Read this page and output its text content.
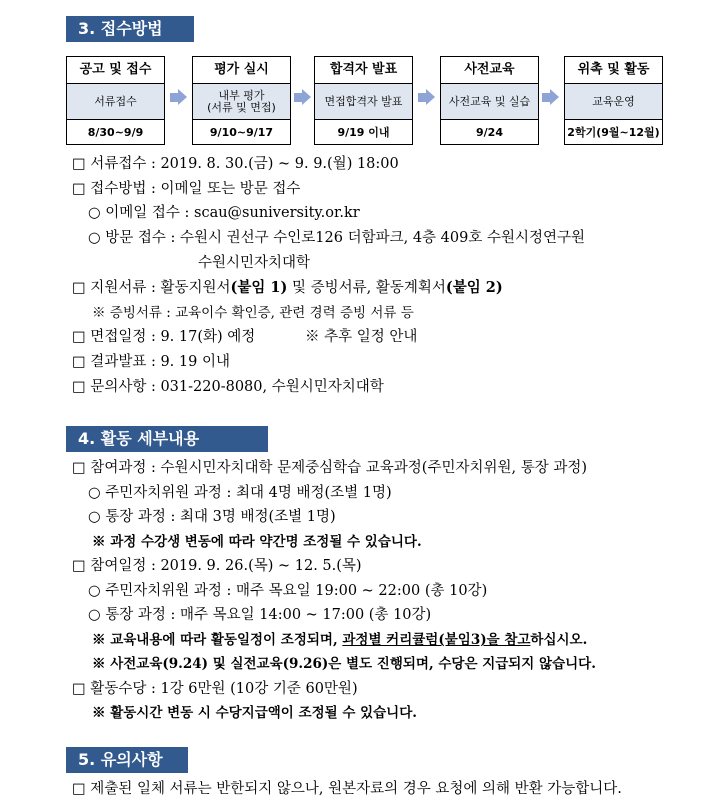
3. 접수방법
공고 및 접수
서류접수
8/30~9/9
평가 실시
내부 평가
(서류 및 면접)
9/10~9/17
합격자 발표
면접합격자 발표
9/19 이내
사전교육
사전교육 및 실습
9/24
위촉 및 활동
교육운영
2학기(9월~12월)
□ 서류접수 : 2019. 8. 30.(금) ~ 9. 9.(월) 18:00
□ 접수방법 : 이메일 또는 방문 접수
○ 이메일 접수 : scau@suniversity.or.kr
○ 방문 접수 : 수원시 권선구 수인로126 더함파크, 4층 409호 수원시정연구원
수원시민자치대학
□ 지원서류 : 활동지원서(붙임 1) 및 증빙서류, 활동계획서(붙임 2)
※ 증빙서류 : 교육이수 확인증, 관련 경력 증빙 서류 등
□ 면접일정 : 9. 17(화) 예정	※ 추후 일정 안내
□ 결과발표 : 9. 19 이내
□ 문의사항 : 031-220-8080, 수원시민자치대학
4. 활동 세부내용
□ 참여과정 : 수원시민자치대학 문제중심학습 교육과정(주민자치위원, 통장 과정)
○ 주민자치위원 과정 : 최대 4명 배정(조별 1명)
○ 통장 과정 : 최대 3명 배정(조별 1명)
※ 과정 수강생 변동에 따라 약간명 조정될 수 있습니다.
□ 참여일정 : 2019. 9. 26.(목) ~ 12. 5.(목)
○ 주민자치위원 과정 : 매주 목요일 19:00 ~ 22:00 (총 10강)
○ 통장 과정 : 매주 목요일 14:00 ~ 17:00 (총 10강)
※ 교육내용에 따라 활동일정이 조정되며, 과정별 커리큘럼(붙임3)을 참고하십시오.
※ 사전교육(9.24) 및 실전교육(9.26)은 별도 진행되며, 수당은 지급되지 않습니다.
□ 활동수당 : 1강 6만원 (10강 기준 60만원)
※ 활동시간 변동 시 수당지급액이 조정될 수 있습니다.
5. 유의사항
□ 제출된 일체 서류는 반한되지 않으나, 원본자료의 경우 요청에 의해 반환 가능합니다.
